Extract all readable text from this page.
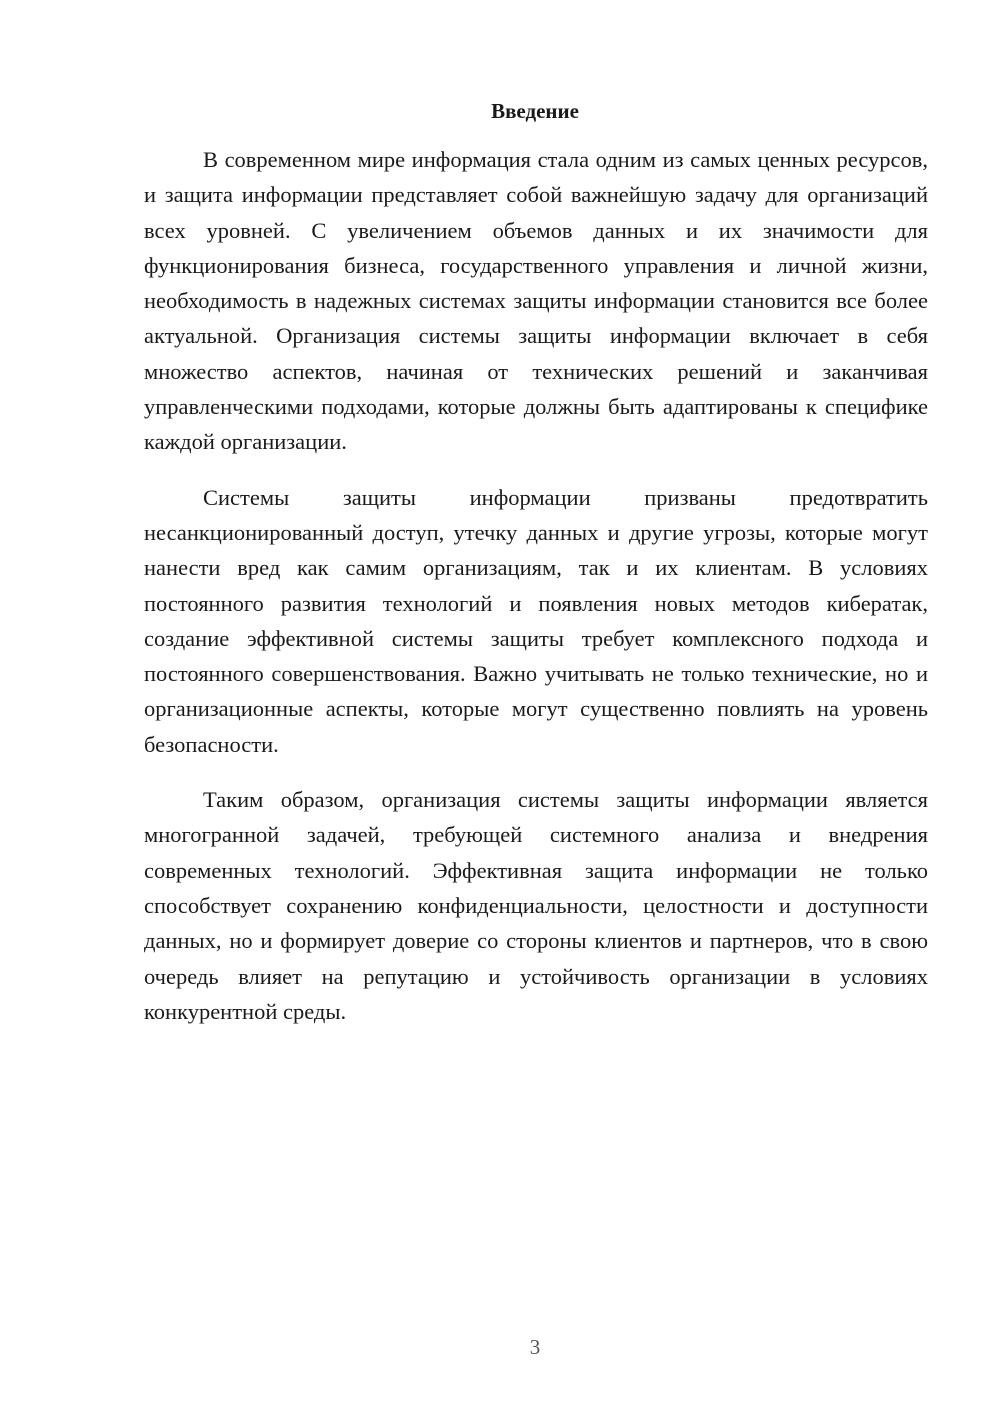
Введение

В современном мире информация стала одним из самых ценных ресурсов, и защита информации представляет собой важнейшую задачу для организаций всех уровней. С увеличением объемов данных и их значимости для функционирования бизнеса, государственного управления и личной жизни, необходимость в надежных системах защиты информации становится все более актуальной. Организация системы защиты информации включает в себя множество аспектов, начиная от технических решений и заканчивая управленческими подходами, которые должны быть адаптированы к специфике каждой организации.

Системы защиты информации призваны предотвратить несанкционированный доступ, утечку данных и другие угрозы, которые могут нанести вред как самим организациям, так и их клиентам. В условиях постоянного развития технологий и появления новых методов кибератак, создание эффективной системы защиты требует комплексного подхода и постоянного совершенствования. Важно учитывать не только технические, но и организационные аспекты, которые могут существенно повлиять на уровень безопасности.

Таким образом, организация системы защиты информации является многогранной задачей, требующей системного анализа и внедрения современных технологий. Эффективная защита информации не только способствует сохранению конфиденциальности, целостности и доступности данных, но и формирует доверие со стороны клиентов и партнеров, что в свою очередь влияет на репутацию и устойчивость организации в условиях конкурентной среды.

3
